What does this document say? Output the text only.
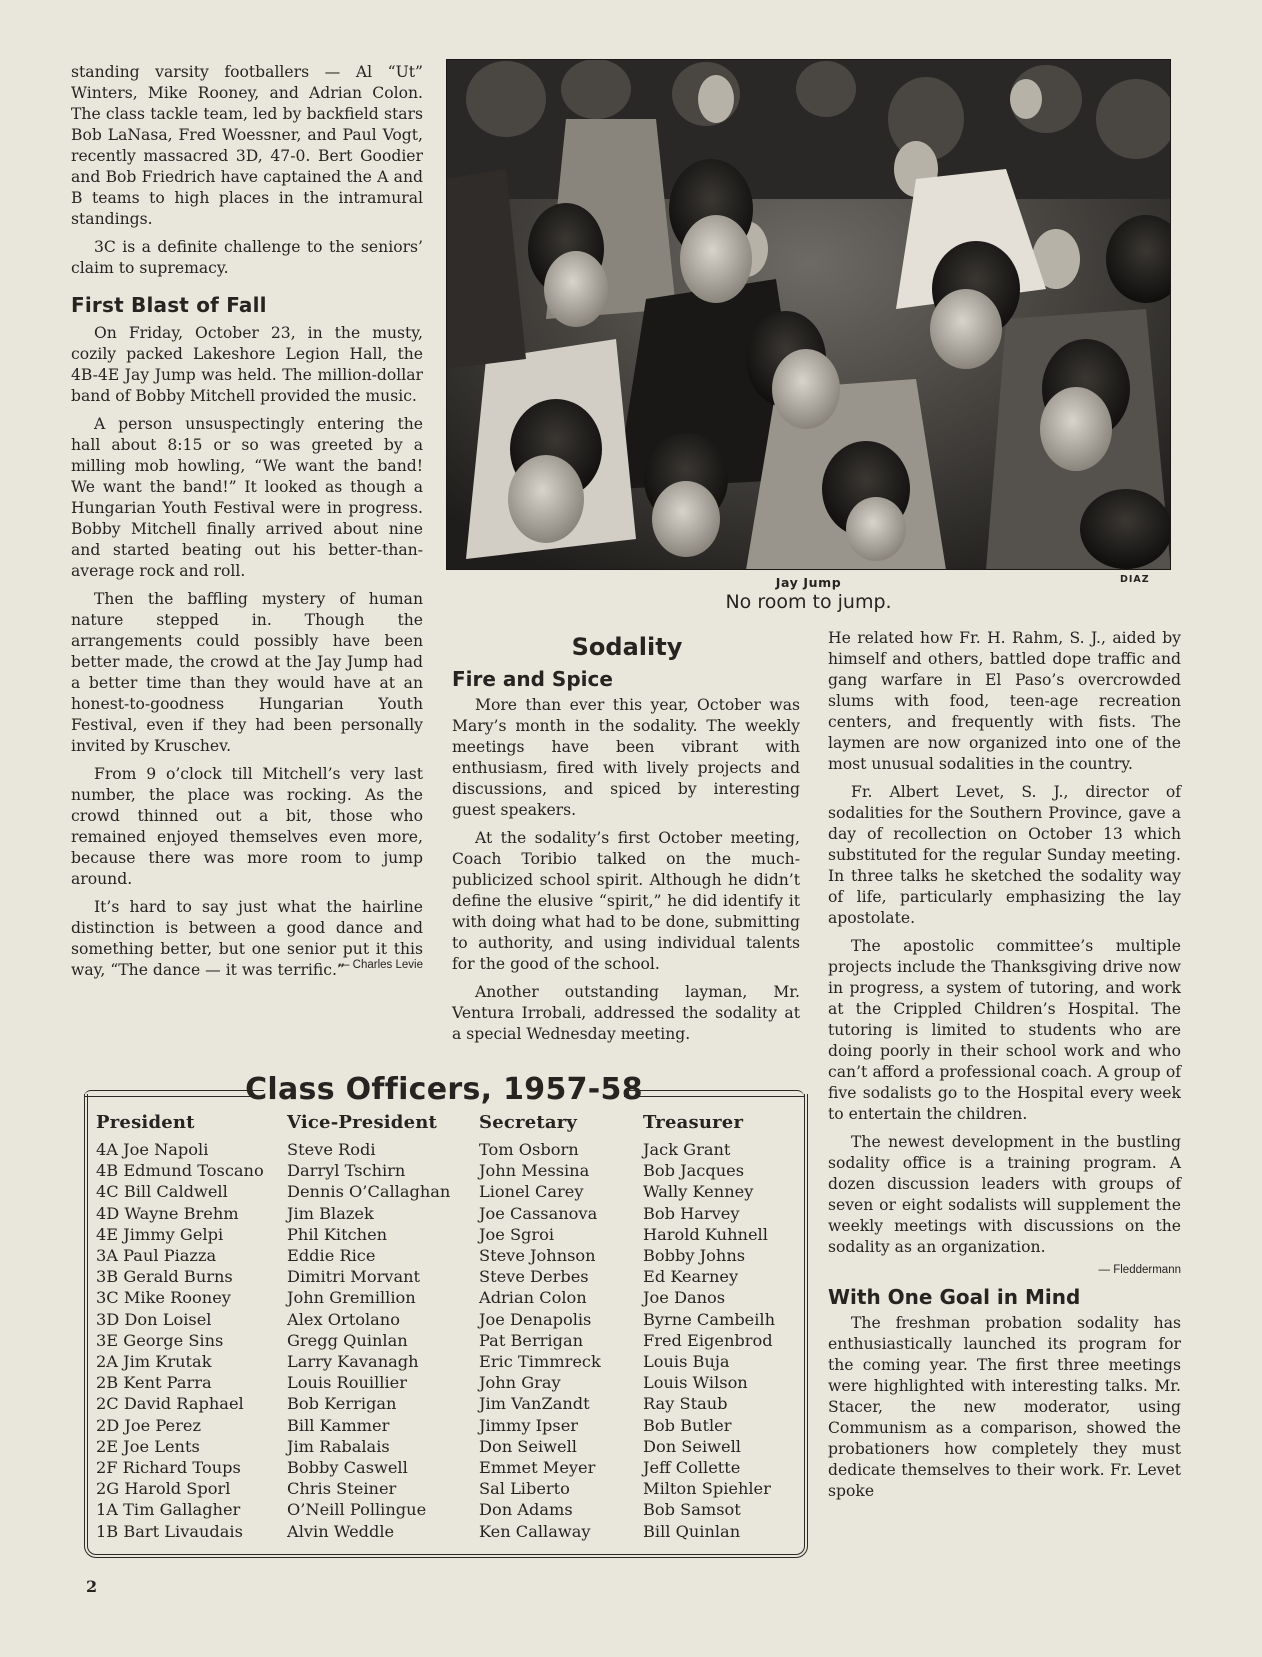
standing varsity footballers — Al “Ut” Winters, Mike Rooney, and Adrian Colon. The class tackle team, led by backfield stars Bob LaNasa, Fred Woessner, and Paul Vogt, recently massacred 3D, 47-0. Bert Goodier and Bob Friedrich have captained the A and B teams to high places in the intramural standings.

3C is a definite challenge to the seniors’ claim to supremacy.

First Blast of Fall

On Friday, October 23, in the musty, cozily packed Lakeshore Legion Hall, the 4B-4E Jay Jump was held. The million-dollar band of Bobby Mitchell provided the music.

A person unsuspectingly entering the hall about 8:15 or so was greeted by a milling mob howling, “We want the band! We want the band!” It looked as though a Hungarian Youth Festival were in progress. Bobby Mitchell finally arrived about nine and started beating out his better-than-average rock and roll.

Then the baffling mystery of human nature stepped in. Though the arrangements could possibly have been better made, the crowd at the Jay Jump had a better time than they would have at an honest-to-goodness Hungarian Youth Festival, even if they had been personally invited by Kruschev.

From 9 o’clock till Mitchell’s very last number, the place was rocking. As the crowd thinned out a bit, those who remained enjoyed themselves even more, because there was more room to jump around.

It’s hard to say just what the hairline distinction is between a good dance and something better, but one senior put it this way, “The dance — it was terrific.”

— Charles Levie
Jay Jump	DIAZ
No room to jump.
Sodality
Fire and Spice

More than ever this year, October was Mary’s month in the sodality. The weekly meetings have been vibrant with enthusiasm, fired with lively projects and discussions, and spiced by interesting guest speakers.

At the sodality’s first October meeting, Coach Toribio talked on the much-publicized school spirit. Although he didn’t define the elusive “spirit,” he did identify it with doing what had to be done, submitting to authority, and using individual talents for the good of the school.

Another outstanding layman, Mr. Ventura Irrobali, addressed the sodality at a special Wednesday meeting.

He related how Fr. H. Rahm, S. J., aided by himself and others, battled dope traffic and gang warfare in El Paso’s overcrowded slums with food, teen-age recreation centers, and frequently with fists. The laymen are now organized into one of the most unusual sodalities in the country.

Fr. Albert Levet, S. J., director of sodalities for the Southern Province, gave a day of recollection on October 13 which substituted for the regular Sunday meeting. In three talks he sketched the sodality way of life, particularly emphasizing the lay apostolate.

The apostolic committee’s multiple projects include the Thanksgiving drive now in progress, a system of tutoring, and work at the Crippled Children’s Hospital. The tutoring is limited to students who are doing poorly in their school work and who can’t afford a professional coach. A group of five sodalists go to the Hospital every week to entertain the children.

The newest development in the bustling sodality office is a training program. A dozen discussion leaders with groups of seven or eight sodalists will supplement the weekly meetings with discussions on the sodality as an organization.

— Fleddermann
With One Goal in Mind

The freshman probation sodality has enthusiastically launched its program for the coming year. The first three meetings were highlighted with interesting talks. Mr. Stacer, the new moderator, using Communism as a comparison, showed the probationers how completely they must dedicate themselves to their work. Fr. Levet spoke

Class Officers, 1957-58
President
4A Joe Napoli
4B Edmund Toscano
4C Bill Caldwell
4D Wayne Brehm
4E Jimmy Gelpi
3A Paul Piazza
3B Gerald Burns
3C Mike Rooney
3D Don Loisel
3E George Sins
2A Jim Krutak
2B Kent Parra
2C David Raphael
2D Joe Perez
2E Joe Lents
2F Richard Toups
2G Harold Sporl
1A Tim Gallagher
1B Bart Livaudais
Vice-President
Steve Rodi
Darryl Tschirn
Dennis O’Callaghan
Jim Blazek
Phil Kitchen
Eddie Rice
Dimitri Morvant
John Gremillion
Alex Ortolano
Gregg Quinlan
Larry Kavanagh
Louis Rouillier
Bob Kerrigan
Bill Kammer
Jim Rabalais
Bobby Caswell
Chris Steiner
O’Neill Pollingue
Alvin Weddle
Secretary
Tom Osborn
John Messina
Lionel Carey
Joe Cassanova
Joe Sgroi
Steve Johnson
Steve Derbes
Adrian Colon
Joe Denapolis
Pat Berrigan
Eric Timmreck
John Gray
Jim VanZandt
Jimmy Ipser
Don Seiwell
Emmet Meyer
Sal Liberto
Don Adams
Ken Callaway
Treasurer
Jack Grant
Bob Jacques
Wally Kenney
Bob Harvey
Harold Kuhnell
Bobby Johns
Ed Kearney
Joe Danos
Byrne Cambeilh
Fred Eigenbrod
Louis Buja
Louis Wilson
Ray Staub
Bob Butler
Don Seiwell
Jeff Collette
Milton Spiehler
Bob Samsot
Bill Quinlan
2
